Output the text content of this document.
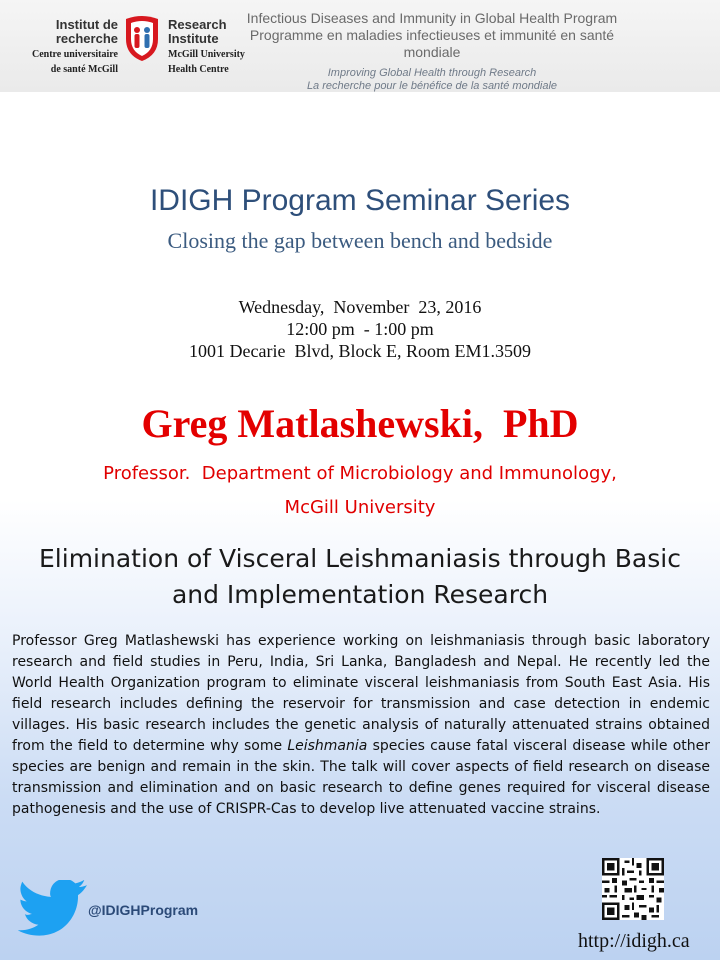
Institut de
recherche
Centre universitaire
de santé McGill
Research
Institute
McGill University
Health Centre
Infectious Diseases and Immunity in Global Health Program
Programme en maladies infectieuses et immunité en santé mondiale
Improving Global Health through Research
La recherche pour le bénéfice de la santé mondiale
IDIGH Program Seminar Series
Closing the gap between bench and bedside
Wednesday,  November  23, 2016
12:00 pm  - 1:00 pm
1001 Decarie  Blvd, Block E, Room EM1.3509
Greg Matlashewski,  PhD
Professor.  Department of Microbiology and Immunology,
McGill University
Elimination of Visceral Leishmaniasis through Basic
and Implementation Research

Professor Greg Matlashewski has experience working on leishmaniasis through basic laboratory research and field studies in Peru, India, Sri Lanka, Bangladesh and Nepal. He recently led the World Health Organization program to eliminate visceral leishmaniasis from South East Asia. His field research includes defining the reservoir for transmission and case detection in endemic villages. His basic research includes the genetic analysis of naturally attenuated strains obtained from the field to determine why some Leishmania species cause fatal visceral disease while other species are benign and remain in the skin. The talk will cover aspects of field research on disease transmission and elimination and on basic research to define genes required for visceral disease pathogenesis and the use of CRISPR-Cas to develop live attenuated vaccine strains.

@IDIGHProgram
http://idigh.ca
